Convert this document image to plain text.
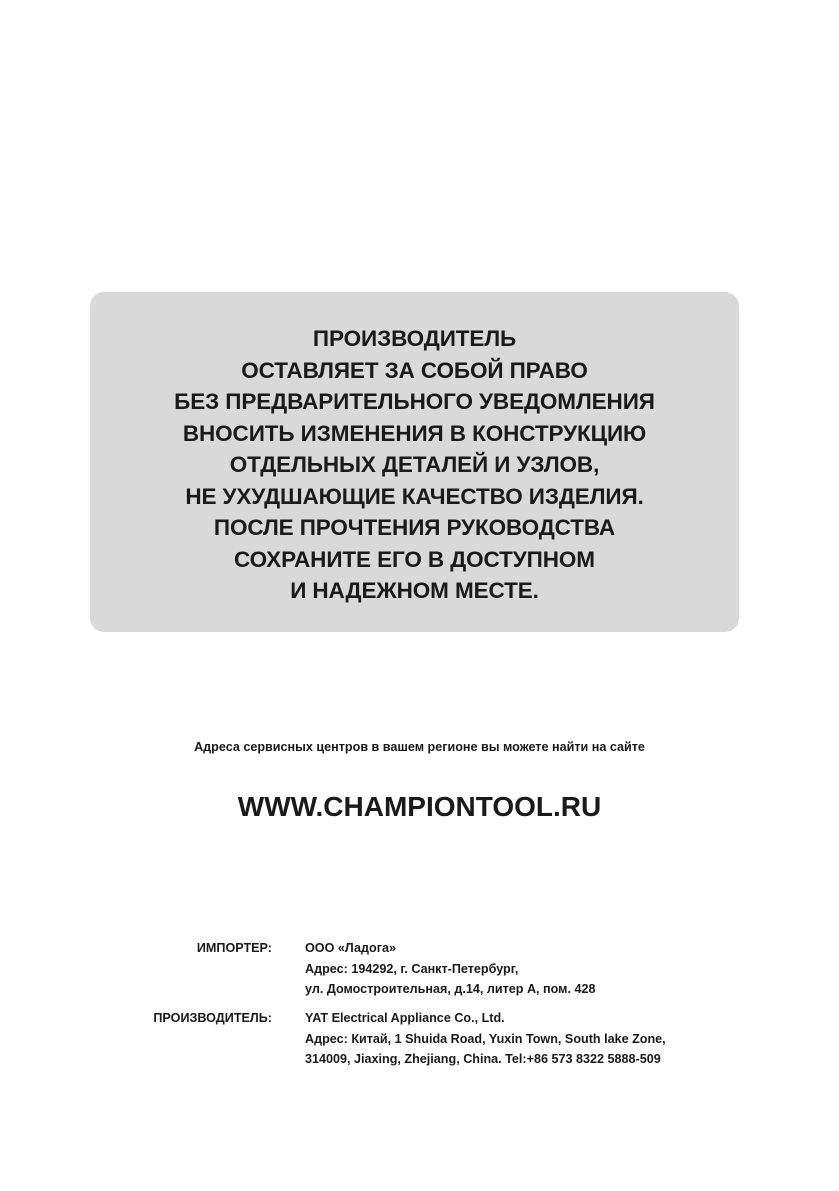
ПРОИЗВОДИТЕЛЬ
ОСТАВЛЯЕТ ЗА СОБОЙ ПРАВО
БЕЗ ПРЕДВАРИТЕЛЬНОГО УВЕДОМЛЕНИЯ
ВНОСИТЬ ИЗМЕНЕНИЯ В КОНСТРУКЦИЮ
ОТДЕЛЬНЫХ ДЕТАЛЕЙ И УЗЛОВ,
НЕ УХУДШАЮЩИЕ КАЧЕСТВО ИЗДЕЛИЯ.
ПОСЛЕ ПРОЧТЕНИЯ РУКОВОДСТВА
СОХРАНИТЕ ЕГО В ДОСТУПНОМ
И НАДЕЖНОМ МЕСТЕ.
Адреса сервисных центров в вашем регионе вы можете найти на сайте
WWW.CHAMPIONTOOL.RU
ИМПОРТЕР:	ООО «Ладога»
Адрес: 194292, г. Санкт-Петербург,
ул. Домостроительная, д.14, литер А, пом. 428
ПРОИЗВОДИТЕЛЬ:	YAT Electrical Appliance Co., Ltd.
Адрес: Китай, 1 Shuida Road, Yuxin Town, South lake Zone,
314009, Jiaxing, Zhejiang, China. Tel:+86 573 8322 5888-509
